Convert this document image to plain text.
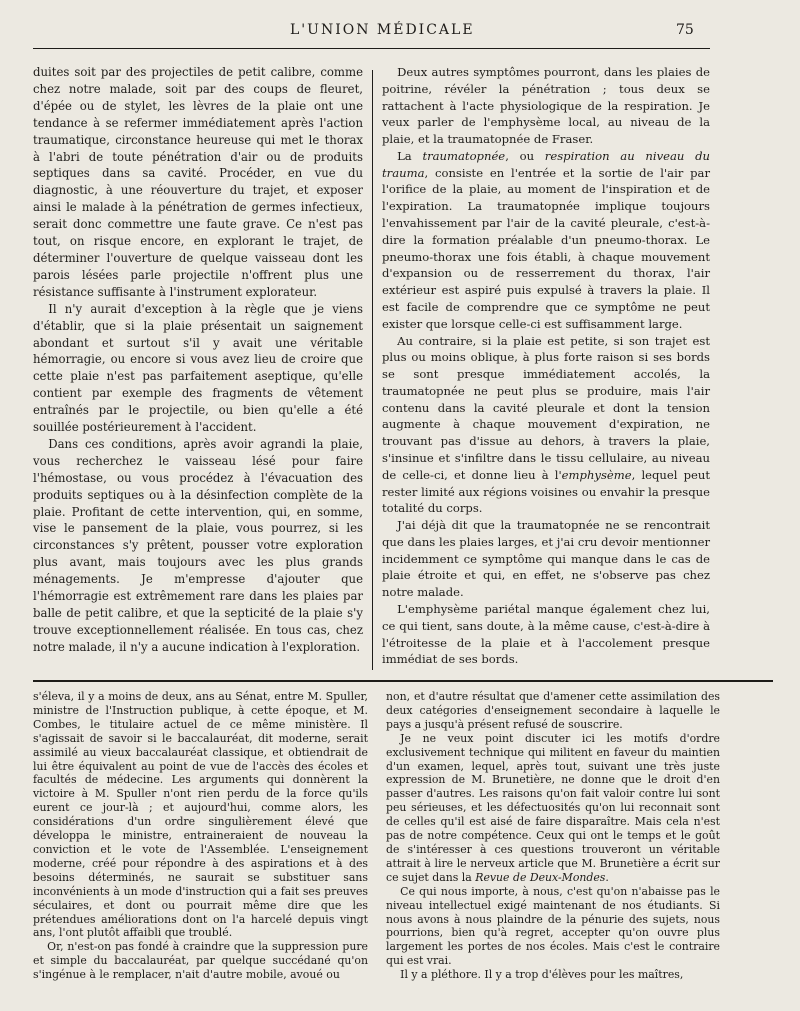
L'UNION MÉDICALE	75

duites soit par des projectiles de petit calibre, comme chez notre malade, soit par des coups de fleuret, d'épée ou de stylet, les lèvres de la plaie ont une tendance à se refermer immédiatement après l'action traumatique, circonstance heureuse qui met le thorax à l'abri de toute pénétration d'air ou de produits septiques dans sa cavité. Procéder, en vue du diagnostic, à une réouverture du trajet, et exposer ainsi le malade à la pénétration de germes infectieux, serait donc commettre une faute grave. Ce n'est pas tout, on risque encore, en explorant le trajet, de déterminer l'ouverture de quelque vaisseau dont les parois lésées parle projectile n'offrent plus une résistance suffisante à l'instrument explorateur.

Il n'y aurait d'exception à la règle que je viens d'établir, que si la plaie présentait un saignement abondant et surtout s'il y avait une véritable hémorragie, ou encore si vous avez lieu de croire que cette plaie n'est pas parfaitement aseptique, qu'elle contient par exemple des fragments de vêtement entraînés par le projectile, ou bien qu'elle a été souillée postérieurement à l'accident.

Dans ces conditions, après avoir agrandi la plaie, vous recherchez le vaisseau lésé pour faire l'hémostase, ou vous procédez à l'évacuation des produits septiques ou à la désinfection complète de la plaie. Profitant de cette intervention, qui, en somme, vise le pansement de la plaie, vous pourrez, si les circonstances s'y prêtent, pousser votre exploration plus avant, mais toujours avec les plus grands ménagements. Je m'empresse d'ajouter que l'hémorragie est extrêmement rare dans les plaies par balle de petit calibre, et que la septicité de la plaie s'y trouve exceptionnellement réalisée. En tous cas, chez notre malade, il n'y a aucune indication à l'exploration.

Deux autres symptômes pourront, dans les plaies de poitrine, révéler la pénétration ; tous deux se rattachent à l'acte physiologique de la respiration. Je veux parler de l'emphysème local, au niveau de la plaie, et la traumatopnée de Fraser.

La traumatopnée, ou respiration au niveau du trauma, consiste en l'entrée et la sortie de l'air par l'orifice de la plaie, au moment de l'inspiration et de l'expiration. La traumatopnée implique toujours l'envahissement par l'air de la cavité pleurale, c'est-à-dire la formation préalable d'un pneumo-thorax. Le pneumo-thorax une fois établi, à chaque mouvement d'expansion ou de resserrement du thorax, l'air extérieur est aspiré puis expulsé à travers la plaie. Il est facile de comprendre que ce symptôme ne peut exister que lorsque celle-ci est suffisamment large.

Au contraire, si la plaie est petite, si son trajet est plus ou moins oblique, à plus forte raison si ses bords se sont presque immédiatement accolés, la traumatopnée ne peut plus se produire, mais l'air contenu dans la cavité pleurale et dont la tension augmente à chaque mouvement d'expiration, ne trouvant pas d'issue au dehors, à travers la plaie, s'insinue et s'infiltre dans le tissu cellulaire, au niveau de celle-ci, et donne lieu à l'emphysème, lequel peut rester limité aux régions voisines ou envahir la presque totalité du corps.

J'ai déjà dit que la traumatopnée ne se rencontrait que dans les plaies larges, et j'ai cru devoir mentionner incidemment ce symptôme qui manque dans le cas de plaie étroite et qui, en effet, ne s'observe pas chez notre malade.

L'emphysème pariétal manque également chez lui, ce qui tient, sans doute, à la même cause, c'est-à-dire à l'étroitesse de la plaie et à l'accolement presque immédiat de ses bords.

s'éleva, il y a moins de deux, ans au Sénat, entre M. Spuller, ministre de l'Instruction publique, à cette époque, et M. Combes, le titulaire actuel de ce même ministère. Il s'agissait de savoir si le baccalauréat, dit moderne, serait assimilé au vieux baccalauréat classique, et obtiendrait de lui être équivalent au point de vue de l'accès des écoles et facultés de médecine. Les arguments qui donnèrent la victoire à M. Spuller n'ont rien perdu de la force qu'ils eurent ce jour-là ; et aujourd'hui, comme alors, les considérations d'un ordre singulièrement élevé que développa le ministre, entraineraient de nouveau la conviction et le vote de l'Assemblée. L'enseignement moderne, créé pour répondre à des aspirations et à des besoins déterminés, ne saurait se substituer sans inconvénients à un mode d'instruction qui a fait ses preuves séculaires, et dont ou pourrait même dire que les prétendues améliorations dont on l'a harcelé depuis vingt ans, l'ont plutôt affaibli que troublé.

Or, n'est-on pas fondé à craindre que la suppression pure et simple du baccalauréat, par quelque succédané qu'on s'ingénue à le remplacer, n'ait d'autre mobile, avoué ou

non, et d'autre résultat que d'amener cette assimilation des deux catégories d'enseignement secondaire à laquelle le pays a jusqu'à présent refusé de souscrire.

Je ne veux point discuter ici les motifs d'ordre exclusivement technique qui militent en faveur du maintien d'un examen, lequel, après tout, suivant une très juste expression de M. Brunetière, ne donne que le droit d'en passer d'autres. Les raisons qu'on fait valoir contre lui sont peu sérieuses, et les défectuosités qu'on lui reconnait sont de celles qu'il est aisé de faire disparaître. Mais cela n'est pas de notre compétence. Ceux qui ont le temps et le goût de s'intéresser à ces questions trouveront un véritable attrait à lire le nerveux article que M. Brunetière a écrit sur ce sujet dans la Revue de Deux-Mondes.

Ce qui nous importe, à nous, c'est qu'on n'abaisse pas le niveau intellectuel exigé maintenant de nos étudiants. Si nous avons à nous plaindre de la pénurie des sujets, nous pourrions, bien qu'à regret, accepter qu'on ouvre plus largement les portes de nos écoles. Mais c'est le contraire qui est vrai.

Il y a pléthore. Il y a trop d'élèves pour les maîtres,
